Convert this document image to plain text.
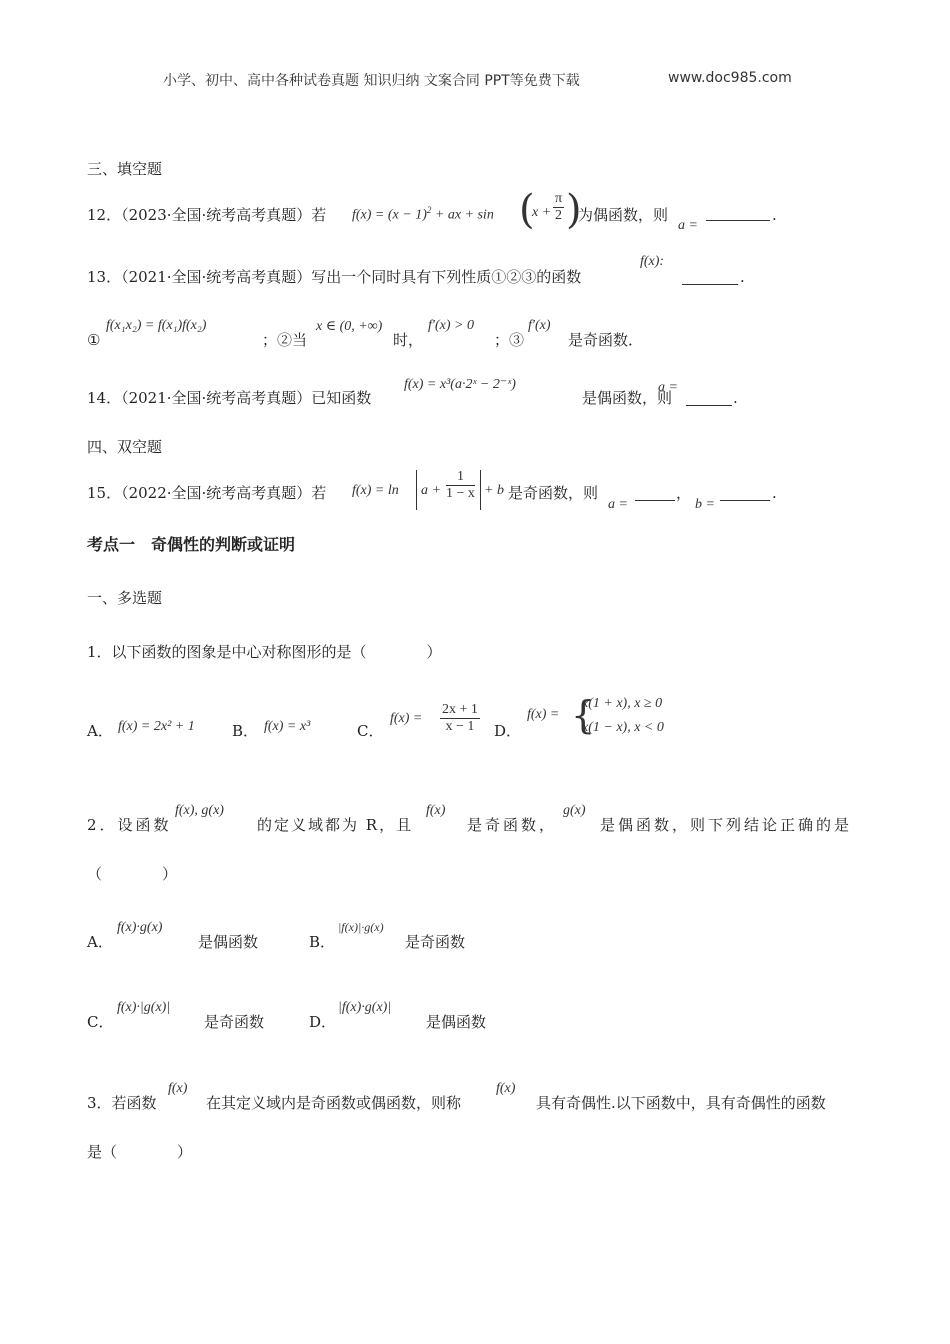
小学、初中、高中各种试卷真题 知识归纳 文案合同 PPT等免费下载	www.doc985.com
三、填空题
12．（2023·全国·统考高考真题）若 $f(x) = (x - 1)^2$ + ax + sin (
$x + \frac{\pi}{2}$ )
为偶函数，则
a =
.
13．（2021·全国·统考高考真题）写出一个同时具有下列性质①②③的函数
f(x):
.
①
f(x₁x₂) = f(x₁)f(x₂)
；②当
x ∈ (0, +∞)
时，
f′(x) > 0
；③
f′(x)
是奇函数．
14．（2021·全国·统考高考真题）已知函数
f(x) = x³(a·2ˣ − 2⁻ˣ)
是偶函数，则
a =
.
四、双空题
15．（2022·全国·统考高考真题）若 $f(x) = \ln a + \frac{1}{1 - x} + b$ 是奇函数，则
a =
，
b =
.
考点一　奇偶性的判断或证明
一、多选题
1．以下函数的图象是中心对称图形的是（　　　　）
A． f(x) = 2x² + 1 B． f(x) = x³	C．
$f(x) = \frac{2x + 1}{x - 1}$ D．
f(x) = {
x(1 + x), x ≥ 0
x(1 − x), x < 0
2．设函数
f(x), g(x)
的定义域都为 R，且
f(x)
是奇函数，
g(x)
是偶函数，则下列结论正确的是
（　　　　）
A．
f(x)·g(x)
是偶函数	B．
|f(x)|·g(x)
是奇函数
C．
f(x)·|g(x)|
是奇函数	D．
|f(x)·g(x)|
是偶函数
3．若函数
f(x)
在其定义域内是奇函数或偶函数，则称
f(x)
具有奇偶性.以下函数中，具有奇偶性的函数
是（　　　　）
